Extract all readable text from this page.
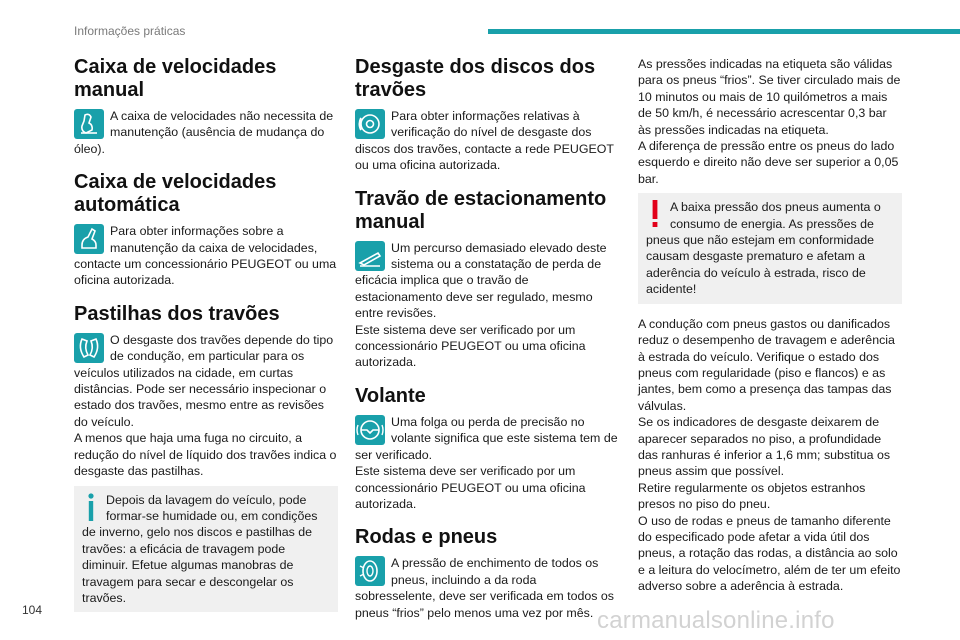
Informações práticas
Caixa de velocidades manual

A caixa de velocidades não necessita de manutenção (ausência de mudança do óleo).

Caixa de velocidades automática

Para obter informações sobre a manutenção da caixa de velocidades, contacte um concessionário PEUGEOT ou uma oficina autorizada.

Pastilhas dos travões

O desgaste dos travões depende do tipo de condução, em particular para os veículos utilizados na cidade, em curtas distâncias. Pode ser necessário inspecionar o estado dos travões, mesmo entre as revisões do veículo.

A menos que haja uma fuga no circuito, a redução do nível de líquido dos travões indica o desgaste das pastilhas.

Depois da lavagem do veículo, pode formar-se humidade ou, em condições de inverno, gelo nos discos e pastilhas de travões: a eficácia de travagem pode diminuir. Efetue algumas manobras de travagem para secar e descongelar os travões.
Desgaste dos discos dos travões

Para obter informações relativas à verificação do nível de desgaste dos discos dos travões, contacte a rede PEUGEOT ou uma oficina autorizada.

Travão de estacionamento manual

Um percurso demasiado elevado deste sistema ou a constatação de perda de eficácia implica que o travão de estacionamento deve ser regulado, mesmo entre revisões.

Este sistema deve ser verificado por um concessionário PEUGEOT ou uma oficina autorizada.

Volante

Uma folga ou perda de precisão no volante significa que este sistema tem de ser verificado.

Este sistema deve ser verificado por um concessionário PEUGEOT ou uma oficina autorizada.

Rodas e pneus

A pressão de enchimento de todos os pneus, incluindo a da roda sobresselente, deve ser verificada em todos os pneus “frios” pelo menos uma vez por mês.

As pressões indicadas na etiqueta são válidas para os pneus “frios”. Se tiver circulado mais de 10 minutos ou mais de 10 quilómetros a mais de 50 km/h, é necessário acrescentar 0,3 bar às pressões indicadas na etiqueta.

A diferença de pressão entre os pneus do lado esquerdo e direito não deve ser superior a 0,05 bar.

A baixa pressão dos pneus aumenta o consumo de energia. As pressões de pneus que não estejam em conformidade causam desgaste prematuro e afetam a aderência do veículo à estrada, risco de acidente!

A condução com pneus gastos ou danificados reduz o desempenho de travagem e aderência à estrada do veículo. Verifique o estado dos pneus com regularidade (piso e flancos) e as jantes, bem como a presença das tampas das válvulas.

Se os indicadores de desgaste deixarem de aparecer separados no piso, a profundidade das ranhuras é inferior a 1,6 mm; substitua os pneus assim que possível.

Retire regularmente os objetos estranhos presos no piso do pneu.

O uso de rodas e pneus de tamanho diferente do especificado pode afetar a vida útil dos pneus, a rotação das rodas, a distância ao solo e a leitura do velocímetro, além de ter um efeito adverso sobre a aderência à estrada.

104	carmanualsonline.info
